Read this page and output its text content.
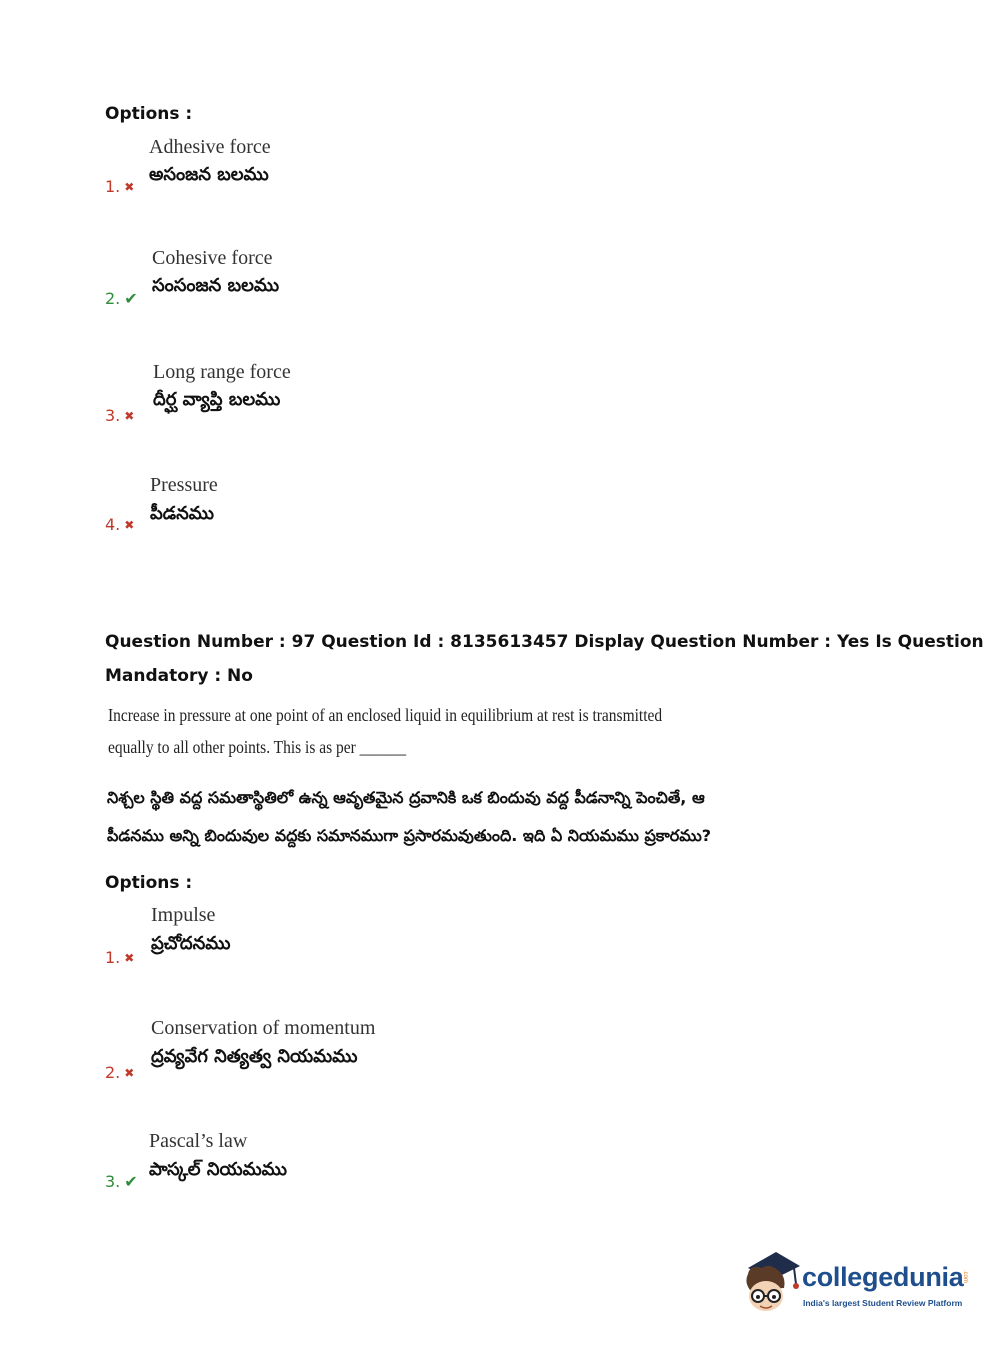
Options :
Adhesive force
అసంజన బలము
1. ✖
Cohesive force
సంసంజన బలము
2. ✔
Long range force
దీర్ఘ వ్యాప్తి బలము
3. ✖
Pressure
పీడనము
4. ✖
Question Number : 97 Question Id : 8135613457 Display Question Number : Yes Is Question
Mandatory : No
Increase in pressure at one point of an enclosed liquid in equilibrium at rest is transmitted
equally to all other points. This is as per ______
నిశ్చల స్థితి వద్ద సమతాస్థితిలో ఉన్న ఆవృతమైన ద్రవానికి ఒక బిందువు వద్ద పీడనాన్ని పెంచితే, ఆ
పీడనము అన్ని బిందువుల వద్దకు సమానముగా ప్రసారమవుతుంది. ఇది ఏ నియమము ప్రకారము?
Options :
Impulse
ప్రచోదనము
1. ✖
Conservation of momentum
ద్రవ్యవేగ నిత్యత్వ నియమము
2. ✖
Pascal’s law
పాస్కల్ నియమము
3. ✔
collegedunia
.com
India's largest Student Review Platform
